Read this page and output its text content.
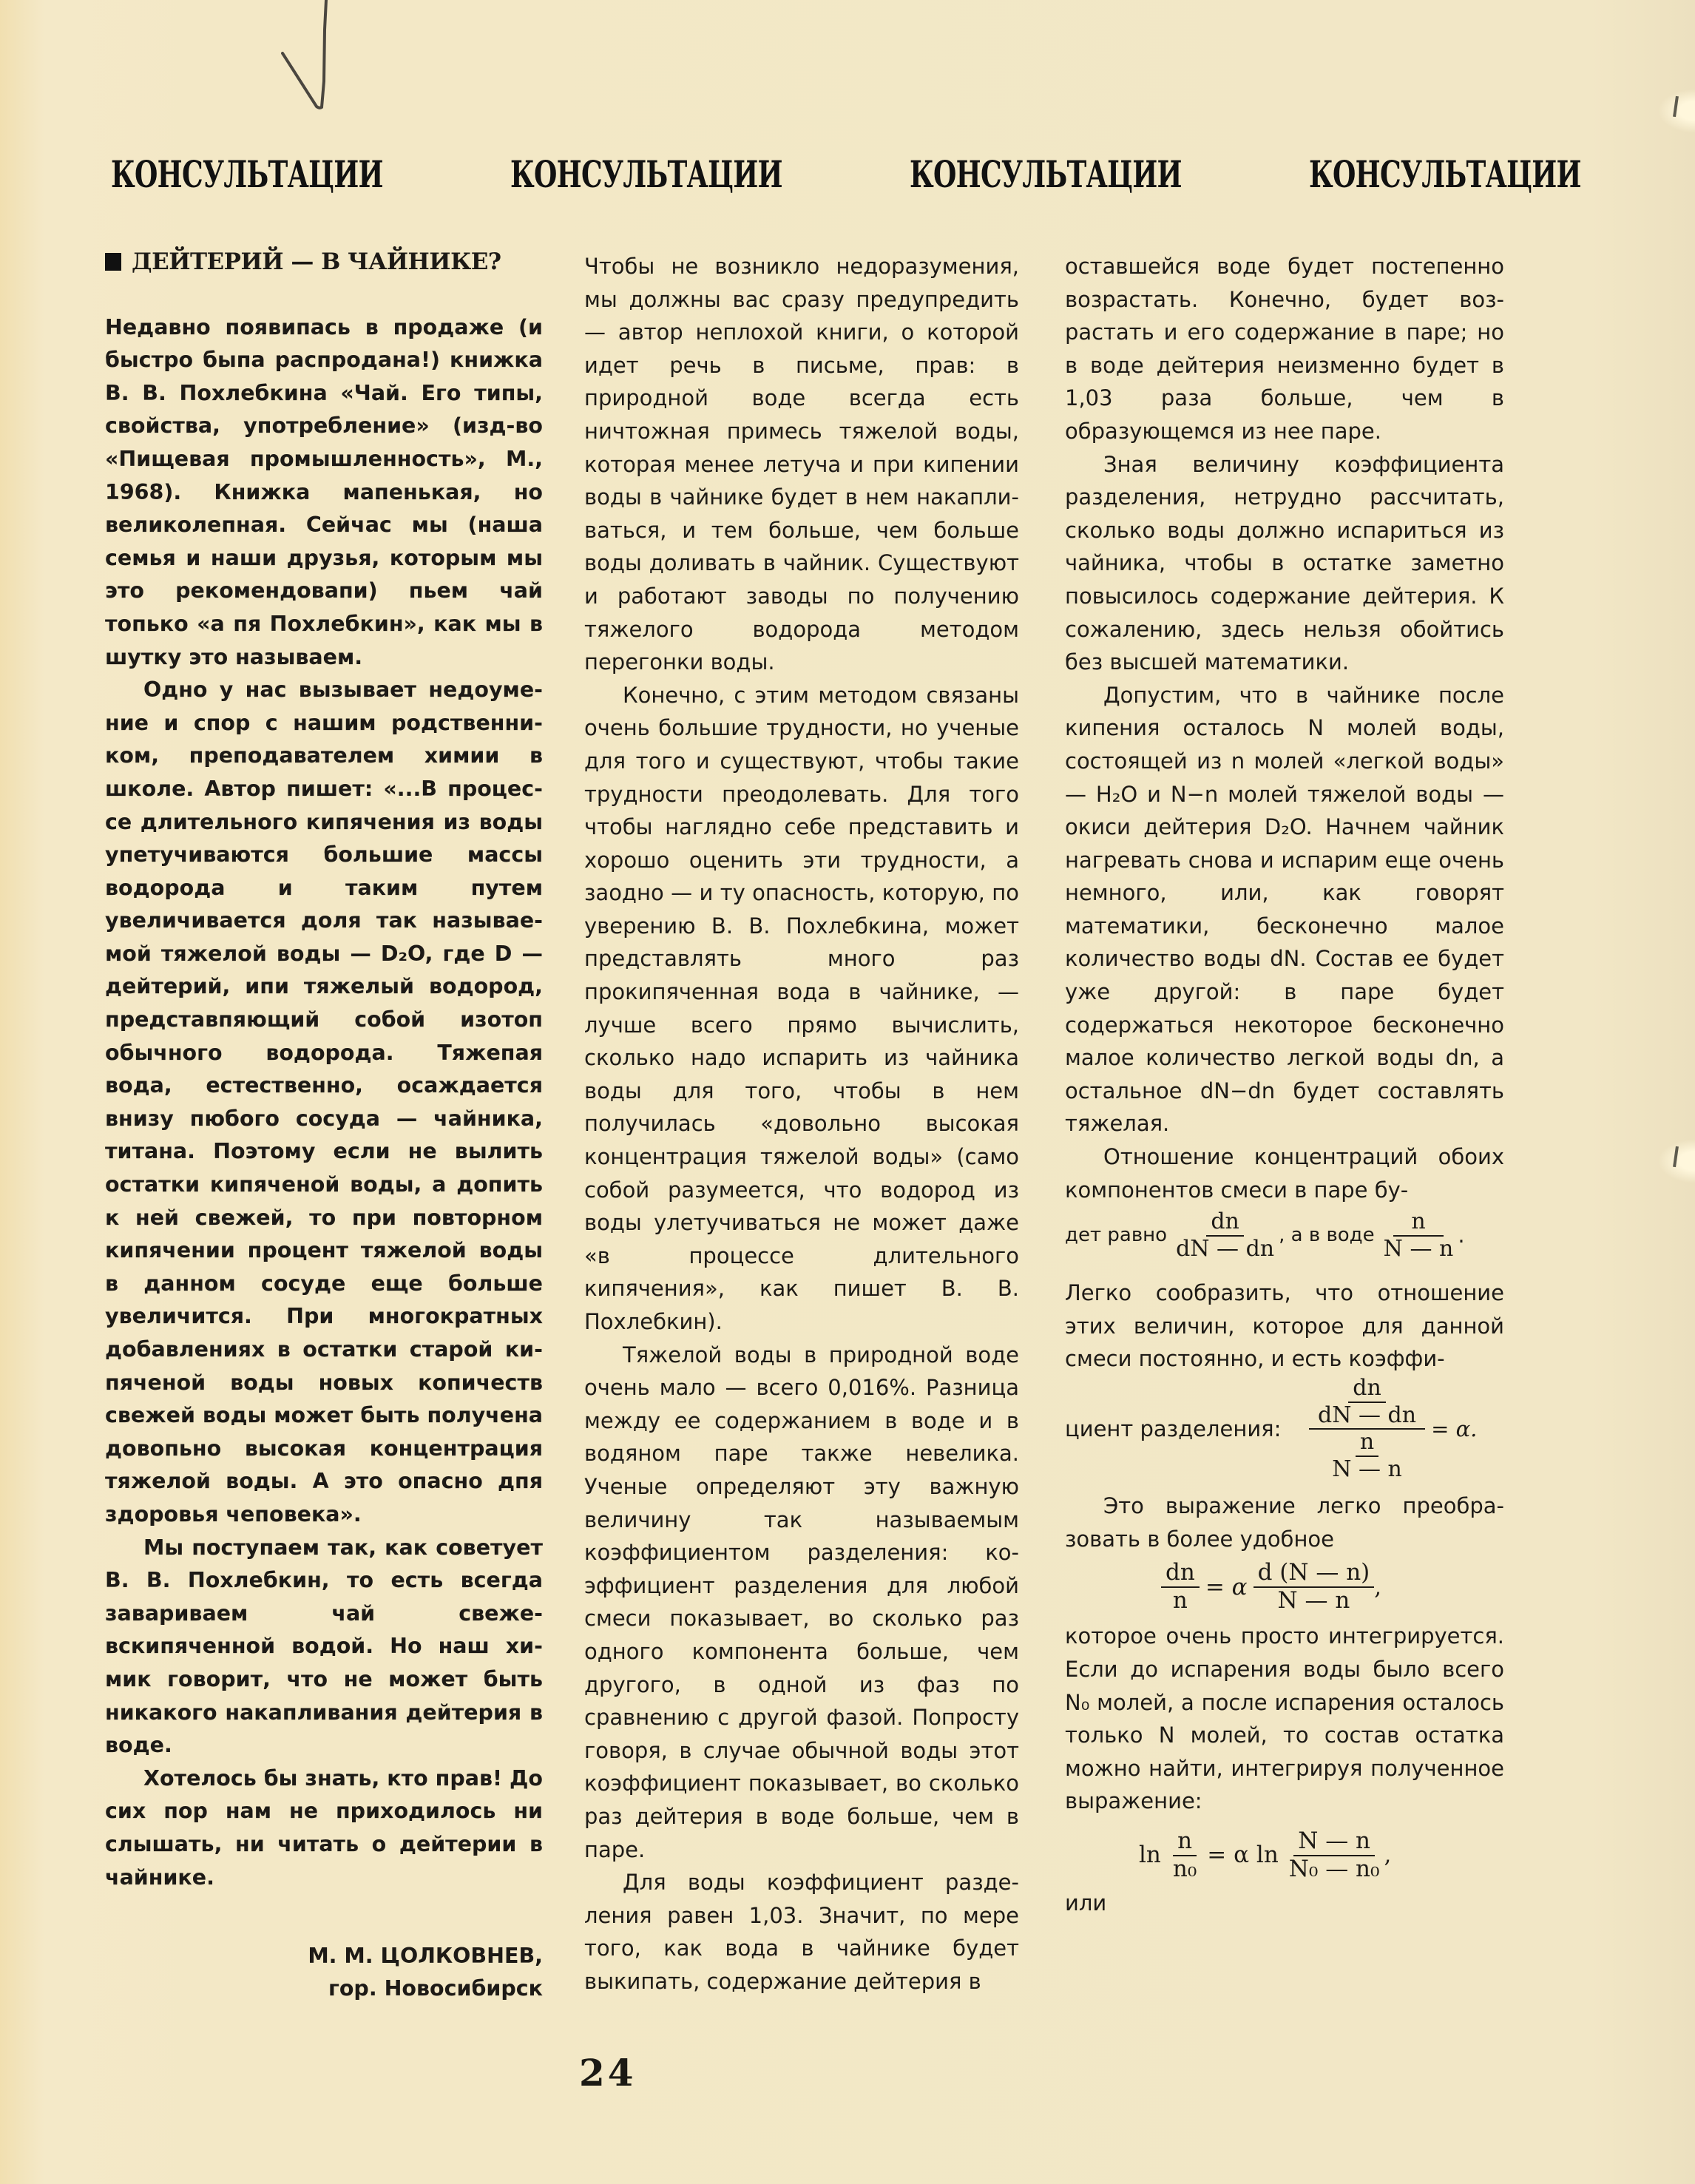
КОНСУЛЬТАЦИИ	КОНСУЛЬТАЦИИ	КОНСУЛЬТАЦИИ	КОНСУЛЬТАЦИИ
ДЕЙТЕРИЙ — В ЧАЙНИКЕ?

Недавно появипась в продаже (и быстро быпа распродана!) книжка В. В. Похлебкина «Чай. Его типы, свойства, употребление» (изд-во «Пищевая промышленность», М., 1968). Книжка мапенькая, но великолепная. Сейчас мы (наша семья и наши друзья, которым мы это рекомендовапи) пьем чай топько «а пя Похлебкин», как мы в шутку это называем.

Одно у нас вызывает недоумение и спор с нашим родственником, преподавателем химии в школе. Автор пишет: «...В процессе длительного кипячения из воды упетучиваются большие массы водорода и таким путем увеличивается доля так называемой тяжелой воды — D₂O, где D — дейтерий, ипи тяжелый водород, представпяющий собой изотоп обычного водорода. Тяжепая вода, естественно, осаждается внизу пюбого сосуда — чайника, титана. Поэтому если не вылить остатки кипяченой воды, а допить к ней свежей, то при повторном кипячении процент тяжелой воды в данном сосуде еще больше увеличится. При многократных добавлениях в остатки старой кипяченой воды новых копичеств свежей воды может быть получена довопьно высокая концентрация тяжелой воды. А это опасно дпя здоровья чеповека».

Мы поступаем так, как советует В. В. Похлебкин, то есть всегда завариваем чай свежевскипяченной водой. Но наш химик говорит, что не может быть никакого накапливания дейтерия в воде.

Хотелось бы знать, кто прав! До сих пор нам не приходилось ни слышать, ни читать о дейтерии в чайнике.

М. М. ЦОЛКОВНЕВ,
гор. Новосибирск

Чтобы не возникло недоразумения, мы должны вас сразу предупредить — автор неплохой книги, о которой идет речь в письме, прав: в природной воде всегда есть ничтожная примесь тяжелой воды, которая менее летуча и при кипении воды в чайнике будет в нем накапливаться, и тем больше, чем больше воды доливать в чайник. Существуют и работают заводы по получению тяжелого водорода методом перегонки воды.

Конечно, с этим методом связаны очень большие трудности, но ученые для того и существуют, чтобы такие трудности преодолевать. Для того чтобы наглядно себе представить и хорошо оценить эти трудности, а заодно — и ту опасность, которую, по уверению В. В. Похлебкина, может представлять много раз прокипяченная вода в чайнике, — лучше всего прямо вычислить, сколько надо испарить из чайника воды для того, чтобы в нем получилась «довольно высокая концентрация тяжелой воды» (само собой разумеется, что водород из воды улетучиваться не может даже «в процессе длительного кипячения», как пишет В. В. Похлебкин).

Тяжелой воды в природной воде очень мало — всего 0,016%. Разница между ее содержанием в воде и в водяном паре также невелика. Ученые определяют эту важную величину так называемым коэффициентом разделения: коэффициент разделения для любой смеси показывает, во сколько раз одного компонента больше, чем другого, в одной из фаз по сравнению с другой фазой. Попросту говоря, в случае обычной воды этот коэффициент показывает, во сколько раз дейтерия в воде больше, чем в паре.

Для воды коэффициент разделения равен 1,03. Значит, по мере того, как вода в чайнике будет выкипать, содержание дейтерия в

оставшейся воде будет постепенно возрастать. Конечно, будет возрастать и его содержание в паре; но в воде дейтерия неизменно будет в 1,03 раза больше, чем в образующемся из нее паре.

Зная величину коэффициента разделения, нетрудно рассчитать, сколько воды должно испариться из чайника, чтобы в остатке заметно повысилось содержание дейтерия. К сожалению, здесь нельзя обойтись без высшей математики.

Допустим, что в чайнике после кипения осталось N молей воды, состоящей из n молей «легкой воды» — H₂O и N−n молей тяжелой воды — окиси дейтерия D₂O. Начнем чайник нагревать снова и испарим еще очень немного, или, как говорят математики, бесконечно малое количество воды dN. Состав ее будет уже другой: в паре будет содержаться некоторое бесконечно малое количество легкой воды dn, а остальное dN−dn будет составлять тяжелая.

Отношение концентраций обоих компонентов смеси в паре бу-

дет равно $\frac{dn}{dN — dn}$ , а в воде $\frac{n}{N — n}$ .

Легко сообразить, что отношение этих величин, которое для данной смеси постоянно, и есть коэффи-

циент разделения:	$\frac{\frac{dn}{dN — dn}}{\frac{n}{N — n}} = \alpha$.

Это выражение легко преобразовать в более удобное

$\frac{dn}{n} = \alpha \frac{d (N — n)}{N — n}$ ,

которое очень просто интегрируется. Если до испарения воды было всего N₀ молей, а после испарения осталось только N молей, то состав остатка можно найти, интегрируя полученное выражение:

$\ln \frac{n}{\text{n₀}} = \alpha$ $\ln \frac{N — n}{\text{N₀ — n₀}}$ ,

или

24
